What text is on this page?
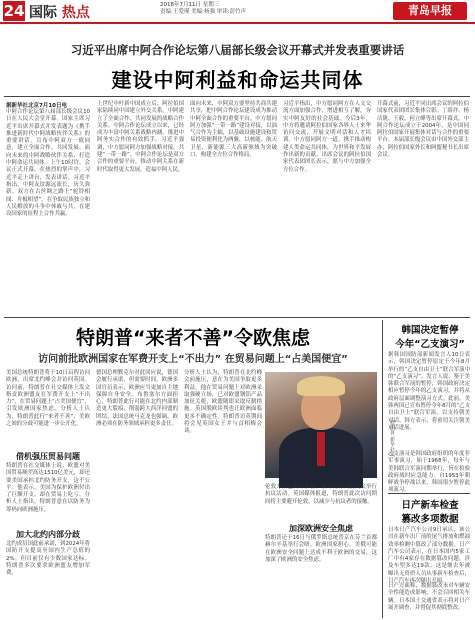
24 国际 热点	2018年7月11日 星期三
责编:王爱瑾 美编:杨强 审读:彭竹声	青岛早报
习近平出席中阿合作论坛第八届部长级会议开幕式并发表重要讲话
建设中阿利益和命运共同体
据新华社北京7月10日电
中阿合作论坛第八届部长级会议10日在人民大会堂开幕。国家主席习近平出席开幕式并发表题为《携手推进新时代中阿战略伙伴关系》的重要讲话，宣布中阿双方一致同意，建立全面合作、共同发展、面向未来的中阿战略伙伴关系，打造中阿命运共同体。上午10时许，会议正式开幕。在热烈的掌声中，习近平走上讲台，发表讲话。习近平指出，中阿友谊源远流长，历久弥新。双方在古丝绸之路上“驼铃相闻、舟楫相望”，在争取民族独立和人民解放的斗争中休戚与共，在建设国家的征程上合作共赢。
上世纪中叶新中国成立后，阿拉伯国家陆续同中国建立外交关系。中阿建立了全面合作、共同发展的战略合作关系。中阿合作论坛成立以来，已经成为丰富中阿关系战略内涵、推进中阿务实合作的有效抓手。习近平强调，中方愿同阿方加强战略对接，共建“一带一路”。中阿合作论坛是双方合作的重要平台，推动中阿关系在新时代取得更大发展，造福中阿人民。
面向未来，中阿双方要坚持共商共建共享，把中阿合作论坛建设成为推动中阿全面合作的重要平台。中方愿同阿方加强“一带一路”建设对接，以油气合作为主轴，以基础设施建设和贸易投资便利化为两翼，以核能、航天卫星、新能源三大高新领域为突破口，构建全方位合作格局。
习近平指出，中方愿同阿方在人文交流方面加强合作，增进相互了解，夯实中阿友好的社会基础。今后3年，中方将邀请阿拉伯国家各界人士来华访问交流，开展文明对话和人才培训。中方愿同阿方一道，携手推动构建人类命运共同体，为世界和平发展作出新的贡献。出席会议的阿拉伯国家代表团团长表示，愿与中方加强全方位合作。
开幕式前，习近平同出席会议的阿拉伯国家代表团团长集体合影。丁薛祥、杨洁篪、王毅、何立峰等出席开幕式。中阿合作论坛成立于2004年，是中国同阿拉伯国家开展集体对话与合作的重要平台。本届部长级会议由中国外交部主办，阿拉伯国家外长和阿盟秘书长出席会议。
特朗普“来者不善”令欧焦虑
访问前批欧洲国家在军费开支上“不出力” 在贸易问题上“占美国便宜”
美国总统特朗普将于10日启程访问欧洲，出席北约峰会并访问英国。访问前，特朗普在社交媒体上发文指责欧洲盟友在军费开支上“不出力”，在贸易问题上“占美国便宜”，引发欧洲国家焦虑。分析人士认为，特朗普此行“来者不善”，美欧之间的分歧可能进一步公开化。
借机强压贸易问题
特朗普在社交媒体上说，欧盟对美国贸易顺差高达1510亿美元，却还要美国承担北约防务开支，这不公平。他表示，美国为保护欧洲付出了巨额开支，却在贸易上吃亏。分析人士指出，特朗普意在以防务为筹码向欧洲施压。
加大北约内部分歧
北约成员国此前承诺，到2024年将国防开支提高至国内生产总值的2%。但目前仅有少数国家达标。特朗普多次要求欧洲盟友增加军费。
德国总理默克尔对此回应说，德国会履行承诺，但需要时间。欧洲多国官员表示，欧洲应当更加自主地保障自身安全。布鲁塞尔方面担心，特朗普此行可能在北约内部制造更大裂痕，削弱跨大西洋同盟的团结。法国总统马克龙也强调，欧洲必须在防务领域承担更多责任。
分析人士认为，特朗普在北约峰会前施压，意在为美国争取更多利益。他在贸易问题上对欧洲采取强硬立场，已对欧盟钢铝产品加征关税，欧盟随即采取反制措施。英国脱欧谈判也让欧洲面临更多不确定性。特朗普访英期间将会见英国女王并与首相梅会谈。	特朗普 新华社发
伦敦方面已做好准备，预计将有大批民众举行抗议活动。英国媒体报道，特朗普此次访问期间将主要避开伦敦，以减少与抗议者的接触。
加深欧洲安全焦虑
特朗普还于16日与俄罗斯总统普京在芬兰首都赫尔辛基举行会晤。欧洲国家担心，美俄可能在欧洲安全问题上达成不利于欧洲的交易，这加深了欧洲的安全焦虑。
韩国决定暂停
今年“乙支演习”
据韩国国防部新闻发言人10日表示，韩国决定暂停原定于今年8月举行的“乙支自由卫士”联合军演中的“乙支演习”。发言人说，鉴于美韩联合军演的暂停，韩国政府决定相应暂停今年的乙支演习，并将从政府层面调整演习方式。此前，美韩两国已宣布暂停今年8月的“乙支自由卫士”联合军演，以支持朝美对话。韩方表示，将密切关注朝美对话进展。
乙支演习是韩国政府组织的年度非军事演习，始于1968年，每年与美韩联合军演同期举行，旨在检验政府战时应急能力。自1953年朝鲜战争停战以来，韩国很少暂停此项演习。
日产新车检查
篡改多项数据
日本日产汽车公司9日承认，该公司在新车出厂前的尾气排放和燃油效率检测中篡改了部分数据。日产汽车公司表示，在日本国内5家工厂中有4家存在数据篡改问题，涉及车型多达19款。这是继去年被曝出无资质人员从事新车检查后，日产汽车再次曝出丑闻。
日产方面称，数据篡改未对车辆安全性能造成影响，不会召回相关车辆。日本国土交通省表示将对日产展开调查，并督促其彻底整改。
